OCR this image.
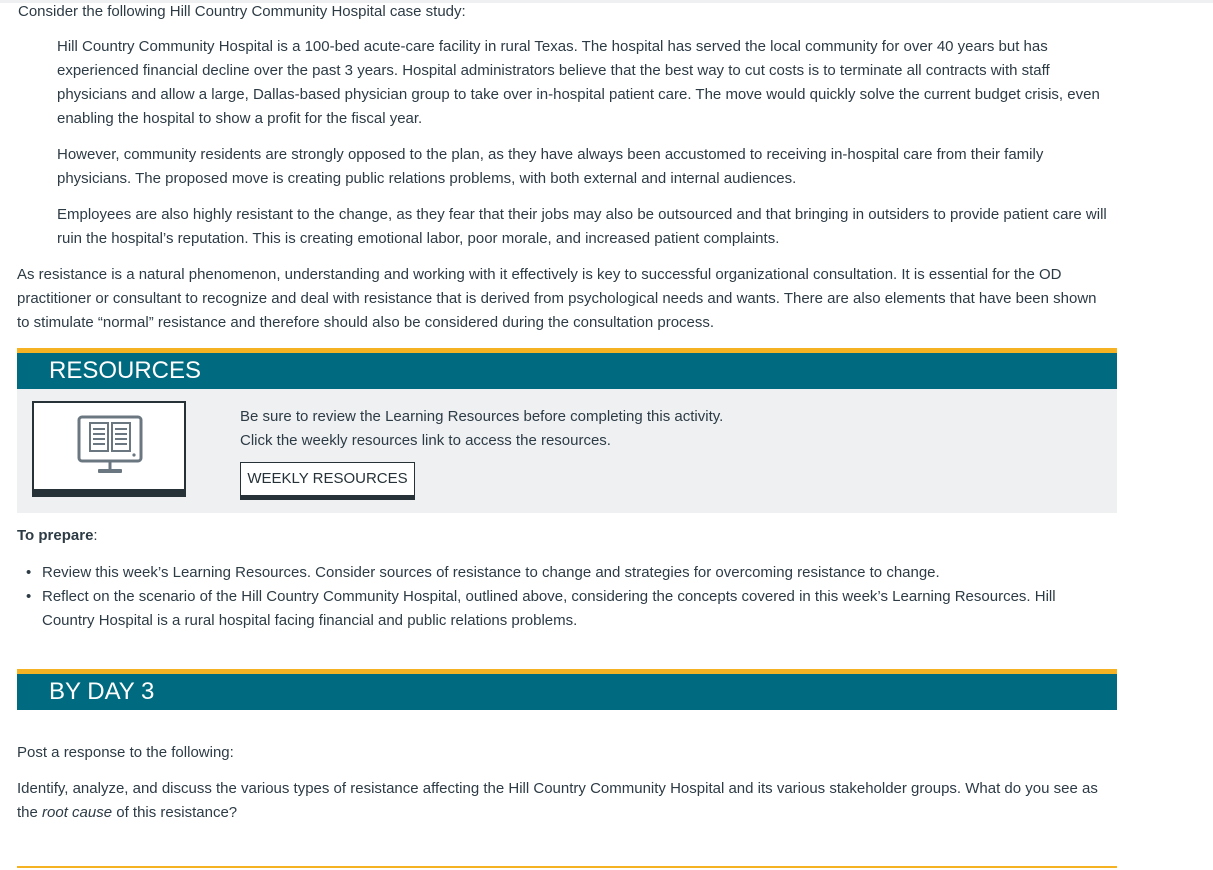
Consider the following Hill Country Community Hospital case study:

Hill Country Community Hospital is a 100-bed acute-care facility in rural Texas. The hospital has served the local community for over 40 years but has experienced financial decline over the past 3 years. Hospital administrators believe that the best way to cut costs is to terminate all contracts with staff physicians and allow a large, Dallas-based physician group to take over in-hospital patient care. The move would quickly solve the current budget crisis, even enabling the hospital to show a profit for the fiscal year.

However, community residents are strongly opposed to the plan, as they have always been accustomed to receiving in-hospital care from their family physicians. The proposed move is creating public relations problems, with both external and internal audiences.

Employees are also highly resistant to the change, as they fear that their jobs may also be outsourced and that bringing in outsiders to provide patient care will ruin the hospital’s reputation. This is creating emotional labor, poor morale, and increased patient complaints.

As resistance is a natural phenomenon, understanding and working with it effectively is key to successful organizational consultation. It is essential for the OD practitioner or consultant to recognize and deal with resistance that is derived from psychological needs and wants. There are also elements that have been shown to stimulate “normal” resistance and therefore should also be considered during the consultation process.

RESOURCES

Be sure to review the Learning Resources before completing this activity.

Click the weekly resources link to access the resources.

WEEKLY RESOURCES

To prepare:

• Review this week’s Learning Resources. Consider sources of resistance to change and strategies for overcoming resistance to change.
• Reflect on the scenario of the Hill Country Community Hospital, outlined above, considering the concepts covered in this week’s Learning Resources. Hill Country Hospital is a rural hospital facing financial and public relations problems.
BY DAY 3

Post a response to the following:

Identify, analyze, and discuss the various types of resistance affecting the Hill Country Community Hospital and its various stakeholder groups. What do you see as the root cause of this resistance?
